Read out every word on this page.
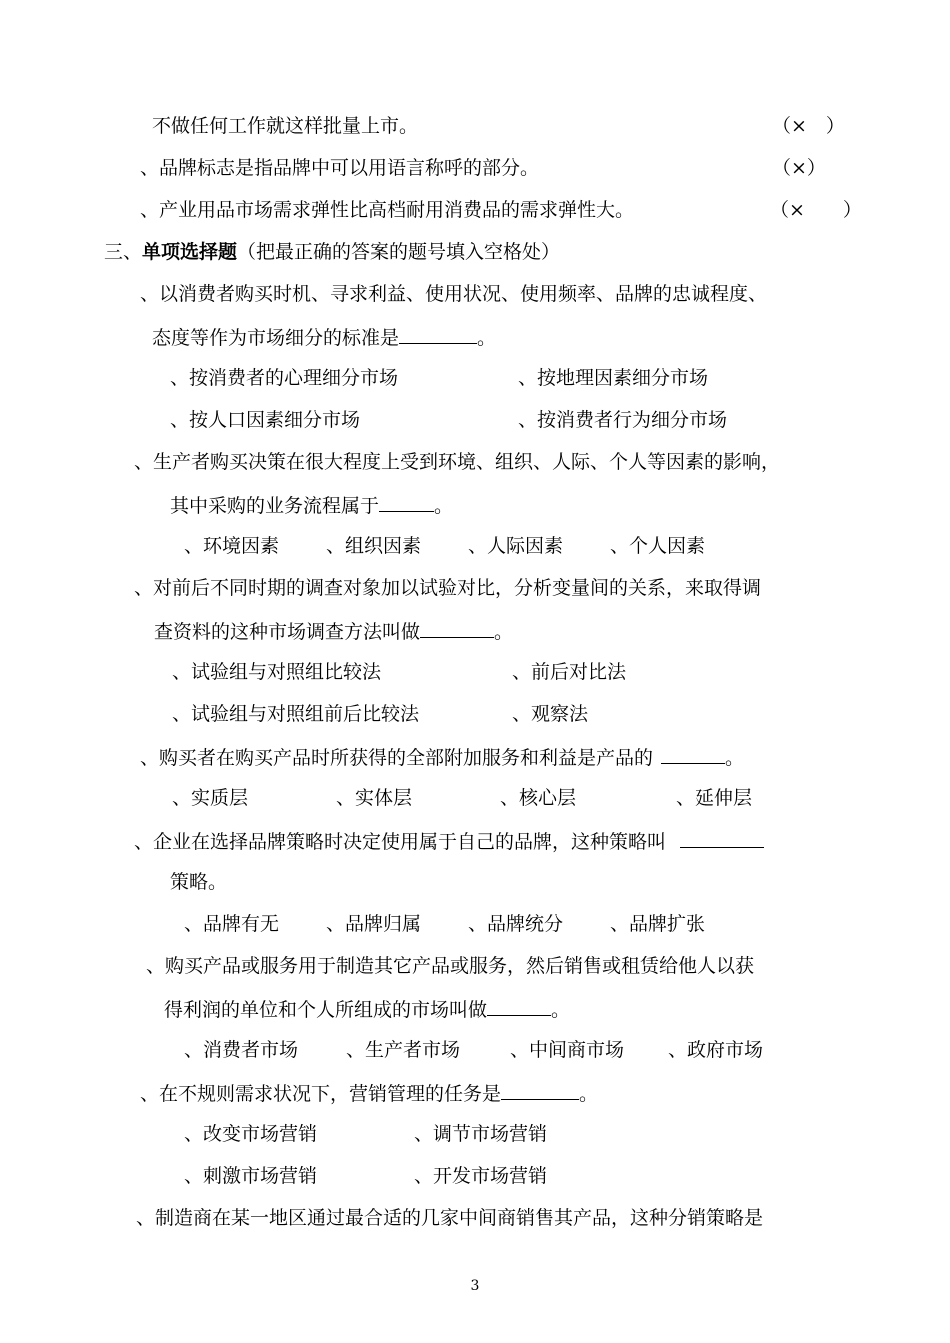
不做任何工作就这样批量上市。	（×　）
、品牌标志是指品牌中可以用语言称呼的部分。	（×）
、产业用品市场需求弹性比高档耐用消费品的需求弹性大。	（×　　）
三、单项选择题（把最正确的答案的题号填入空格处）
、以消费者购买时机、寻求利益、使用状况、使用频率、品牌的忠诚程度、
态度等作为市场细分的标准是	。
、按消费者的心理细分市场	、按地理因素细分市场
、按人口因素细分市场	、按消费者行为细分市场
、生产者购买决策在很大程度上受到环境、组织、人际、个人等因素的影响，
其中采购的业务流程属于	。
、环境因素 、组织因素 、人际因素 、个人因素
、对前后不同时期的调查对象加以试验对比，分析变量间的关系，来取得调
查资料的这种市场调查方法叫做	。
、试验组与对照组比较法	、前后对比法
、试验组与对照组前后比较法	、观察法
、购买者在购买产品时所获得的全部附加服务和利益是产品的	。
、实质层	、实体层	、核心层	、延伸层
、企业在选择品牌策略时决定使用属于自己的品牌，这种策略叫
策略。
、品牌有无 、品牌归属 、品牌统分 、品牌扩张
、购买产品或服务用于制造其它产品或服务，然后销售或租赁给他人以获
得利润的单位和个人所组成的市场叫做	。
、消费者市场	、生产者市场	、中间商市场 、政府市场
、在不规则需求状况下，营销管理的任务是	。
、改变市场营销	、调节市场营销
、刺激市场营销	、开发市场营销
、制造商在某一地区通过最合适的几家中间商销售其产品，这种分销策略是
3
